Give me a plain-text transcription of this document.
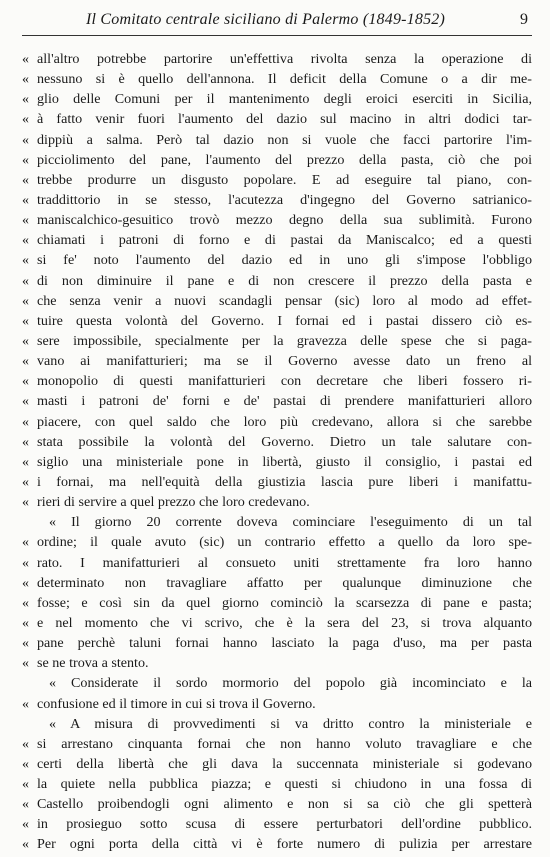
Il Comitato centrale siciliano di Palermo (1849-1852)	9
« all'altro potrebbe partorire un'effettiva rivolta senza la operazione di
« nessuno si è quello dell'annona. Il deficit della Comune o a dir me-
« glio delle Comuni per il mantenimento degli eroici eserciti in Sicilia,
« à fatto venir fuori l'aumento del dazio sul macino in altri dodici tar-
« dippiù a salma. Però tal dazio non si vuole che facci partorire l'im-
« picciolimento del pane, l'aumento del prezzo della pasta, ciò che poi
« trebbe produrre un disgusto popolare. E ad eseguire tal piano, con-
« traddittorio in se stesso, l'acutezza d'ingegno del Governo satrianico-
« maniscalchico-gesuitico trovò mezzo degno della sua sublimità. Furono
« chiamati i patroni di forno e di pastai da Maniscalco; ed a questi
« si fe' noto l'aumento del dazio ed in uno gli s'impose l'obbligo
« di non diminuire il pane e di non crescere il prezzo della pasta e
« che senza venir a nuovi scandagli pensar (sic) loro al modo ad effet-
« tuire questa volontà del Governo. I fornai ed i pastai dissero ciò es-
« sere impossibile, specialmente per la gravezza delle spese che si paga-
« vano ai manifatturieri; ma se il Governo avesse dato un freno al
« monopolio di questi manifatturieri con decretare che liberi fossero ri-
« masti i patroni de' forni e de' pastai di prendere manifatturieri alloro
« piacere, con quel saldo che loro più credevano, allora si che sarebbe
« stata possibile la volontà del Governo. Dietro un tale salutare con-
« siglio una ministeriale pone in libertà, giusto il consiglio, i pastai ed
« i fornai, ma nell'equità della giustizia lascia pure liberi i manifattu-
« rieri di servire a quel prezzo che loro credevano.
« Il giorno 20 corrente doveva cominciare l'eseguimento di un tal
« ordine; il quale avuto (sic) un contrario effetto a quello da loro spe-
« rato. I manifatturieri al consueto uniti strettamente fra loro hanno
« determinato non travagliare affatto per qualunque diminuzione che
« fosse; e così sin da quel giorno cominciò la scarsezza di pane e pasta;
« e nel momento che vi scrivo, che è la sera del 23, si trova alquanto
« pane perchè taluni fornai hanno lasciato la paga d'uso, ma per pasta
« se ne trova a stento.
« Considerate il sordo mormorio del popolo già incominciato e la
« confusione ed il timore in cui si trova il Governo.
« A misura di provvedimenti si va dritto contro la ministeriale e
« si arrestano cinquanta fornai che non hanno voluto travagliare e che
« certi della libertà che gli dava la succennata ministeriale si godevano
« la quiete nella pubblica piazza; e questi si chiudono in una fossa di
« Castello proibendogli ogni alimento e non si sa ciò che gli spetterà
« in prosieguo sotto scusa di essere perturbatori dell'ordine pubblico.
« Per ogni porta della città vi è forte numero di pulizia per arrestare
